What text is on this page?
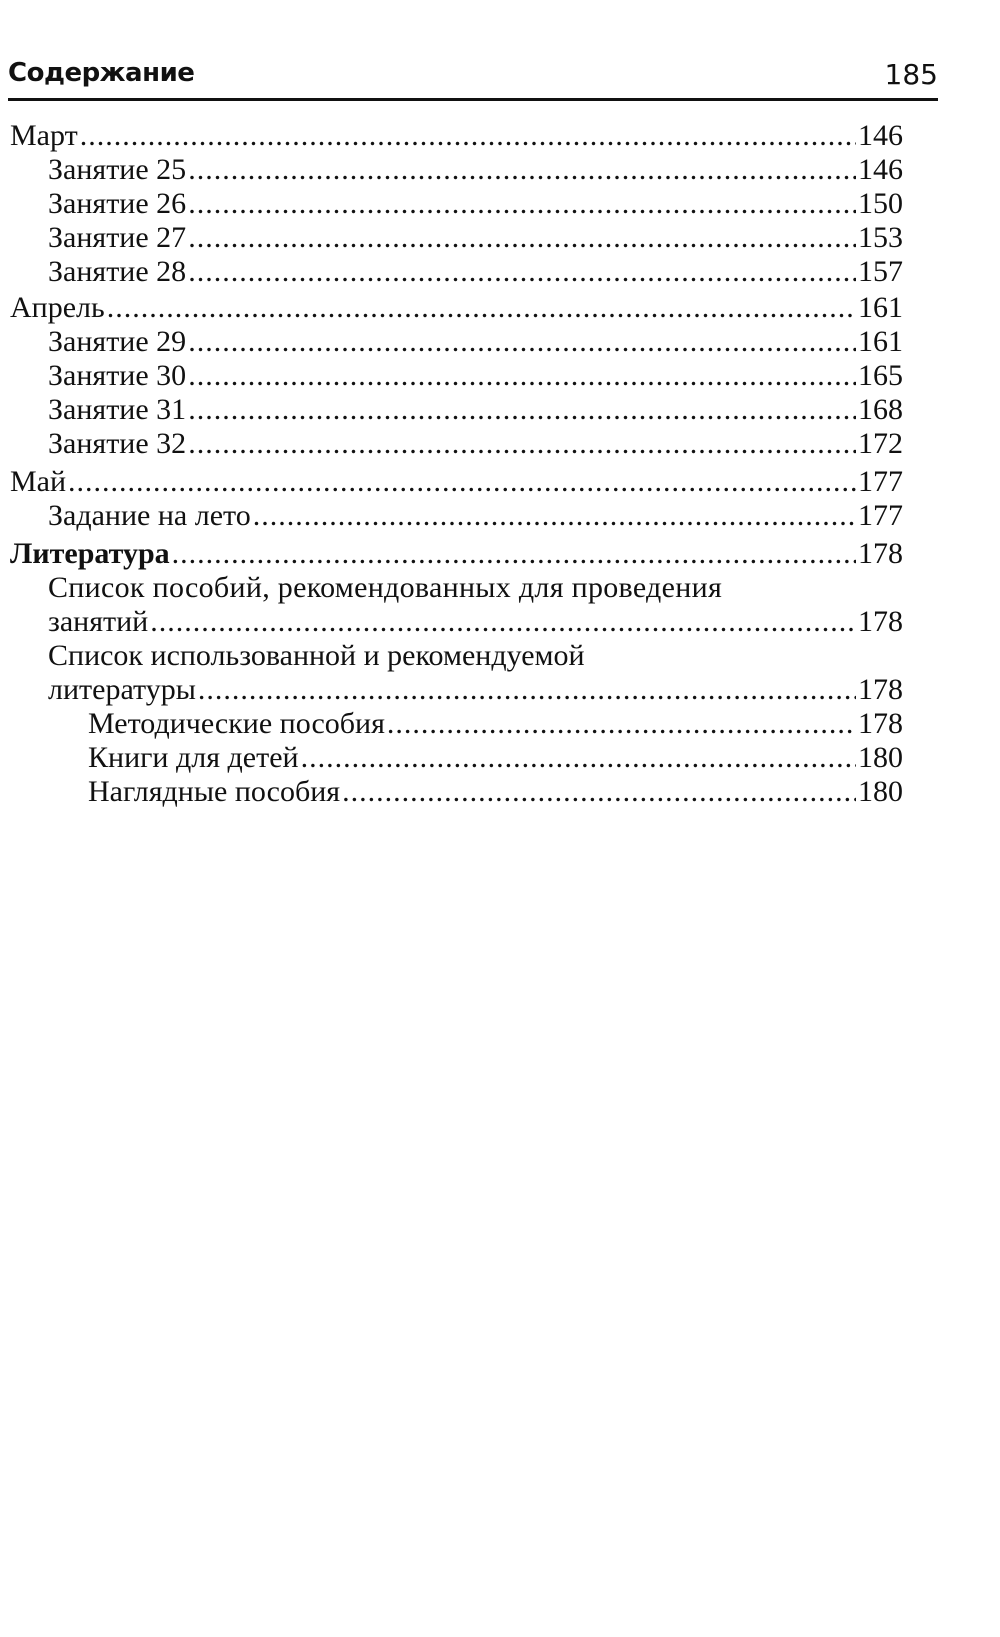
Содержание	185
Март .....	146
Занятие 25 .....	146
Занятие 26 .....	150
Занятие 27 .....	153
Занятие 28 .....	157
Апрель .....	161
Занятие 29 .....	161
Занятие 30 .....	165
Занятие 31 .....	168
Занятие 32 .....	172
Май .....	177
Задание на лето .....	177
Литература .....	178
Список пособий, рекомендованных для проведения
занятий .....	178
Список использованной и рекомендуемой
литературы .....	178
Методические пособия .....	178
Книги для детей .....	180
Наглядные пособия .....	180
